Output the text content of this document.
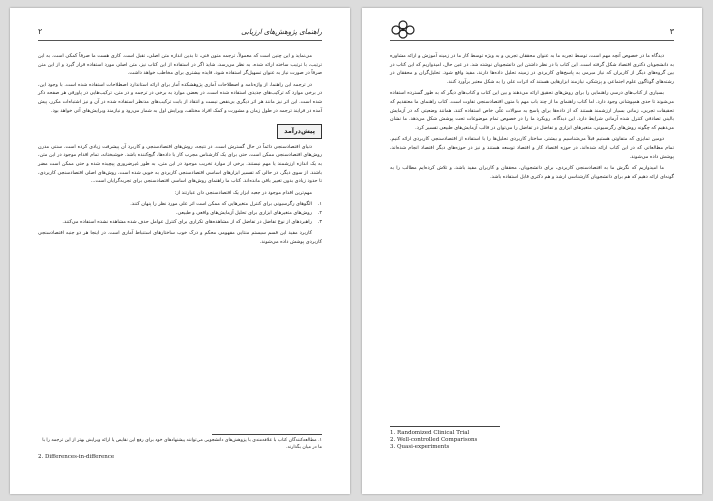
۲	راهنمای پژوهش‌های ارزیابی

می‌نماید و این چنین است که معمولاً، ترجمه متون فنی، تا بدین اندازه متن اصلی، تقبل است. کاری هست ما صرفاً کمکی است. به این ترتیب، با ترتیب ساخته ارائه شده، به نظر می‌رسد، شاید اگر در استفاده از این کتاب نیز، متن اصلی مورد استفاده قرار گیرد و از این متن صرفاً در صورت نیاز به عنوان تسهیل‌گر استفاده شود، فایده بیشتری برای مخاطب خواهد داشت.

در ترجمه این راهنما، از واژه‌نامه و اصطلاحات آماری پژوهشکده آمار برای ارائه استاندارد اصطلاحات استفاده شده است. با وجود این، در برخی موارد که ترکیب‌های جدیدی استفاده شده است، در بعضی موارد به برخی در ترجمه و در متن، ترکیب‌هایی در پاورقی هر صفحه ذکر شده است. این اثر نیز مانند هر اثر دیگری بی‌نقص نیست و انتقاد از بابت ترکیب‌های مدنظر استفاده شده در آن و نیز اشتباه‌ات مکرر، پیش آمده در فرایند ترجمه در طول زمان و مشورت و کمک افراد مختلف، ویرایش اول به شمار می‌رود و نیازمند ویرایش‌های آتی خواهد بود.

پیش‌درآمد

دنیای اقتصادسنجی دائماً در حال گسترش است. در نتیجه، روش‌های اقتصادسنجی و کاربرد آن پیشرفت زیادی کرده است. سنتی مدرن روش‌های اقتصادسنجی ممکن است، حتی برای یک کارشناس مجرب کار با داده‌ها، گیج‌کننده باشد. خوشبختانه، تمام اقدام موجود در این متن، به یک اندازه ارزشمند یا مهم نیستند. برخی از موارد تخریب موجود در این متن، به طور غیرضروری پیچیده شده و حتی ممکن است مضر باشند. از سوی دیگر، در حالی که تفسیر ابزارهای اساسی اقتصادسنجی کاربردی به خوبی شده است، روش‌های اصلی اقتصادسنجی کاربردی، تا حدود زیادی بدون تغییر باقی مانده‌اند. کتاب ما راهنمای روش‌های اساسی اقتصادسنجی برای تجربه‌گرایان است...

مهم‌ترین اقدام موجود در جعبه ابزار یک اقتصادسنجی دان عبارتند از:

۱.
الگوهای رگرسیونی برای کنترل متغیرهایی که ممکن است اثر علی مورد نظر را پنهان کنند.
۲.
روش‌های متغیرهای ابزاری برای تحلیل آزمایش‌های واقعی و طبیعی.
۳.
راهبردهای از نوع تفاضل در تفاضل که از مشاهده‌های تکراری برای کنترل عوامل حذف شده مشاهده نشده استفاده می‌کنند.

کاربرد مفید این قسم سیستم منتایی مفهومی محکم و درک خوب ساختارهای استنباط آماری است. در اینجا هر دو جنبه اقتصادسنجی کاربردی پوشش داده می‌شوند.

۱. مطالعه‌کنندگان کتاب با علاقه‌مندی با پژوهش‌های دانشجویی می‌توانند پیشنهادهای خود برای رفع این نقایص یا ارائه ویرایش بهتر از این ترجمه را با ما در میان بگذارند.
2. Differences-in-difference
۳

دیدگاه ما در خصوص آنچه مهم است، توسط تجربه ما به عنوان محققان تجربی و به ویژه توسط کار ما در زمینه آموزش و ارائه مشاوره به دانشجویان دکتری اقتصاد شکل گرفته است. این کتاب با در نظر داشتن این دانشجویان نوشته شد. در عین حال، امیدواریم که این کتاب در بین گروه‌های دیگر از کاربران که نیاز مبرمی به پاسخ‌های کاربردی در زمینه تحلیل داده‌ها دارند، مفید واقع شود. تحلیل‌گران و محققان در رشته‌های گوناگون علوم اجتماعی و پزشکی، نیازمند ابزارهایی هستند که اثرات علی را به شکل معتبر برآورد کنند.

بسیاری از کتاب‌های درسی راهنمایی را برای روش‌های تحقیق ارائه می‌دهند و بین این کتاب و کتاب‌های دیگر که به طور گسترده استفاده می‌شوند تا حدی همپوشانی وجود دارد. اما کتاب راهنمای ما از چند باب مهم با متون اقتصادسنجی تفاوت است. کتاب راهنمای ما معتقدیم که تحقیقات تجربی، زمانی بسیار ارزشمند هستند که از داده‌ها برای پاسخ به سوالات علّی خاص استفاده کنند، همانند وضعیتی که در آزمایش بالینی تصادفی کنترل شده آرمانی شرایط دارد. این دیدگاه، رویکرد ما را در خصوص تمام موضوعات تحت پوشش شکل می‌دهد. ما نشان می‌دهیم که چگونه روش‌های رگرسیونی، متغیرهای ابزاری و تفاضل در تفاضل را می‌توان در قالب آزمایش‌های طبیعی تفسیر کرد.

دومین تمایزی که متفاوتی هستیم قبلاً می‌شناسیم و بیشتر، ساختار کاربردی تحلیل‌ها را با استفاده از اقتصادسنجی کاربردی ارائه کنیم. تمام مطالعاتی که در این کتاب ارائه شده‌اند، در حوزه اقتصاد کار و اقتصاد توسعه هستند و نیز در حوزه‌های دیگر اقتصاد انجام شده‌اند، پوشش داده می‌شوند.

ما امیدواریم که نگرش ما به اقتصادسنجی کاربردی، برای دانشجویان، محققان و کاربران مفید باشد، و تلاش کرده‌ایم مطالب را به گونه‌ای ارائه دهیم که هم برای دانشجویان کارشناسی ارشد و هم دکتری قابل استفاده باشد.

1. Randomized Clinical Trial
2. Well-controlled Comparisons
3. Quasi-experiments
